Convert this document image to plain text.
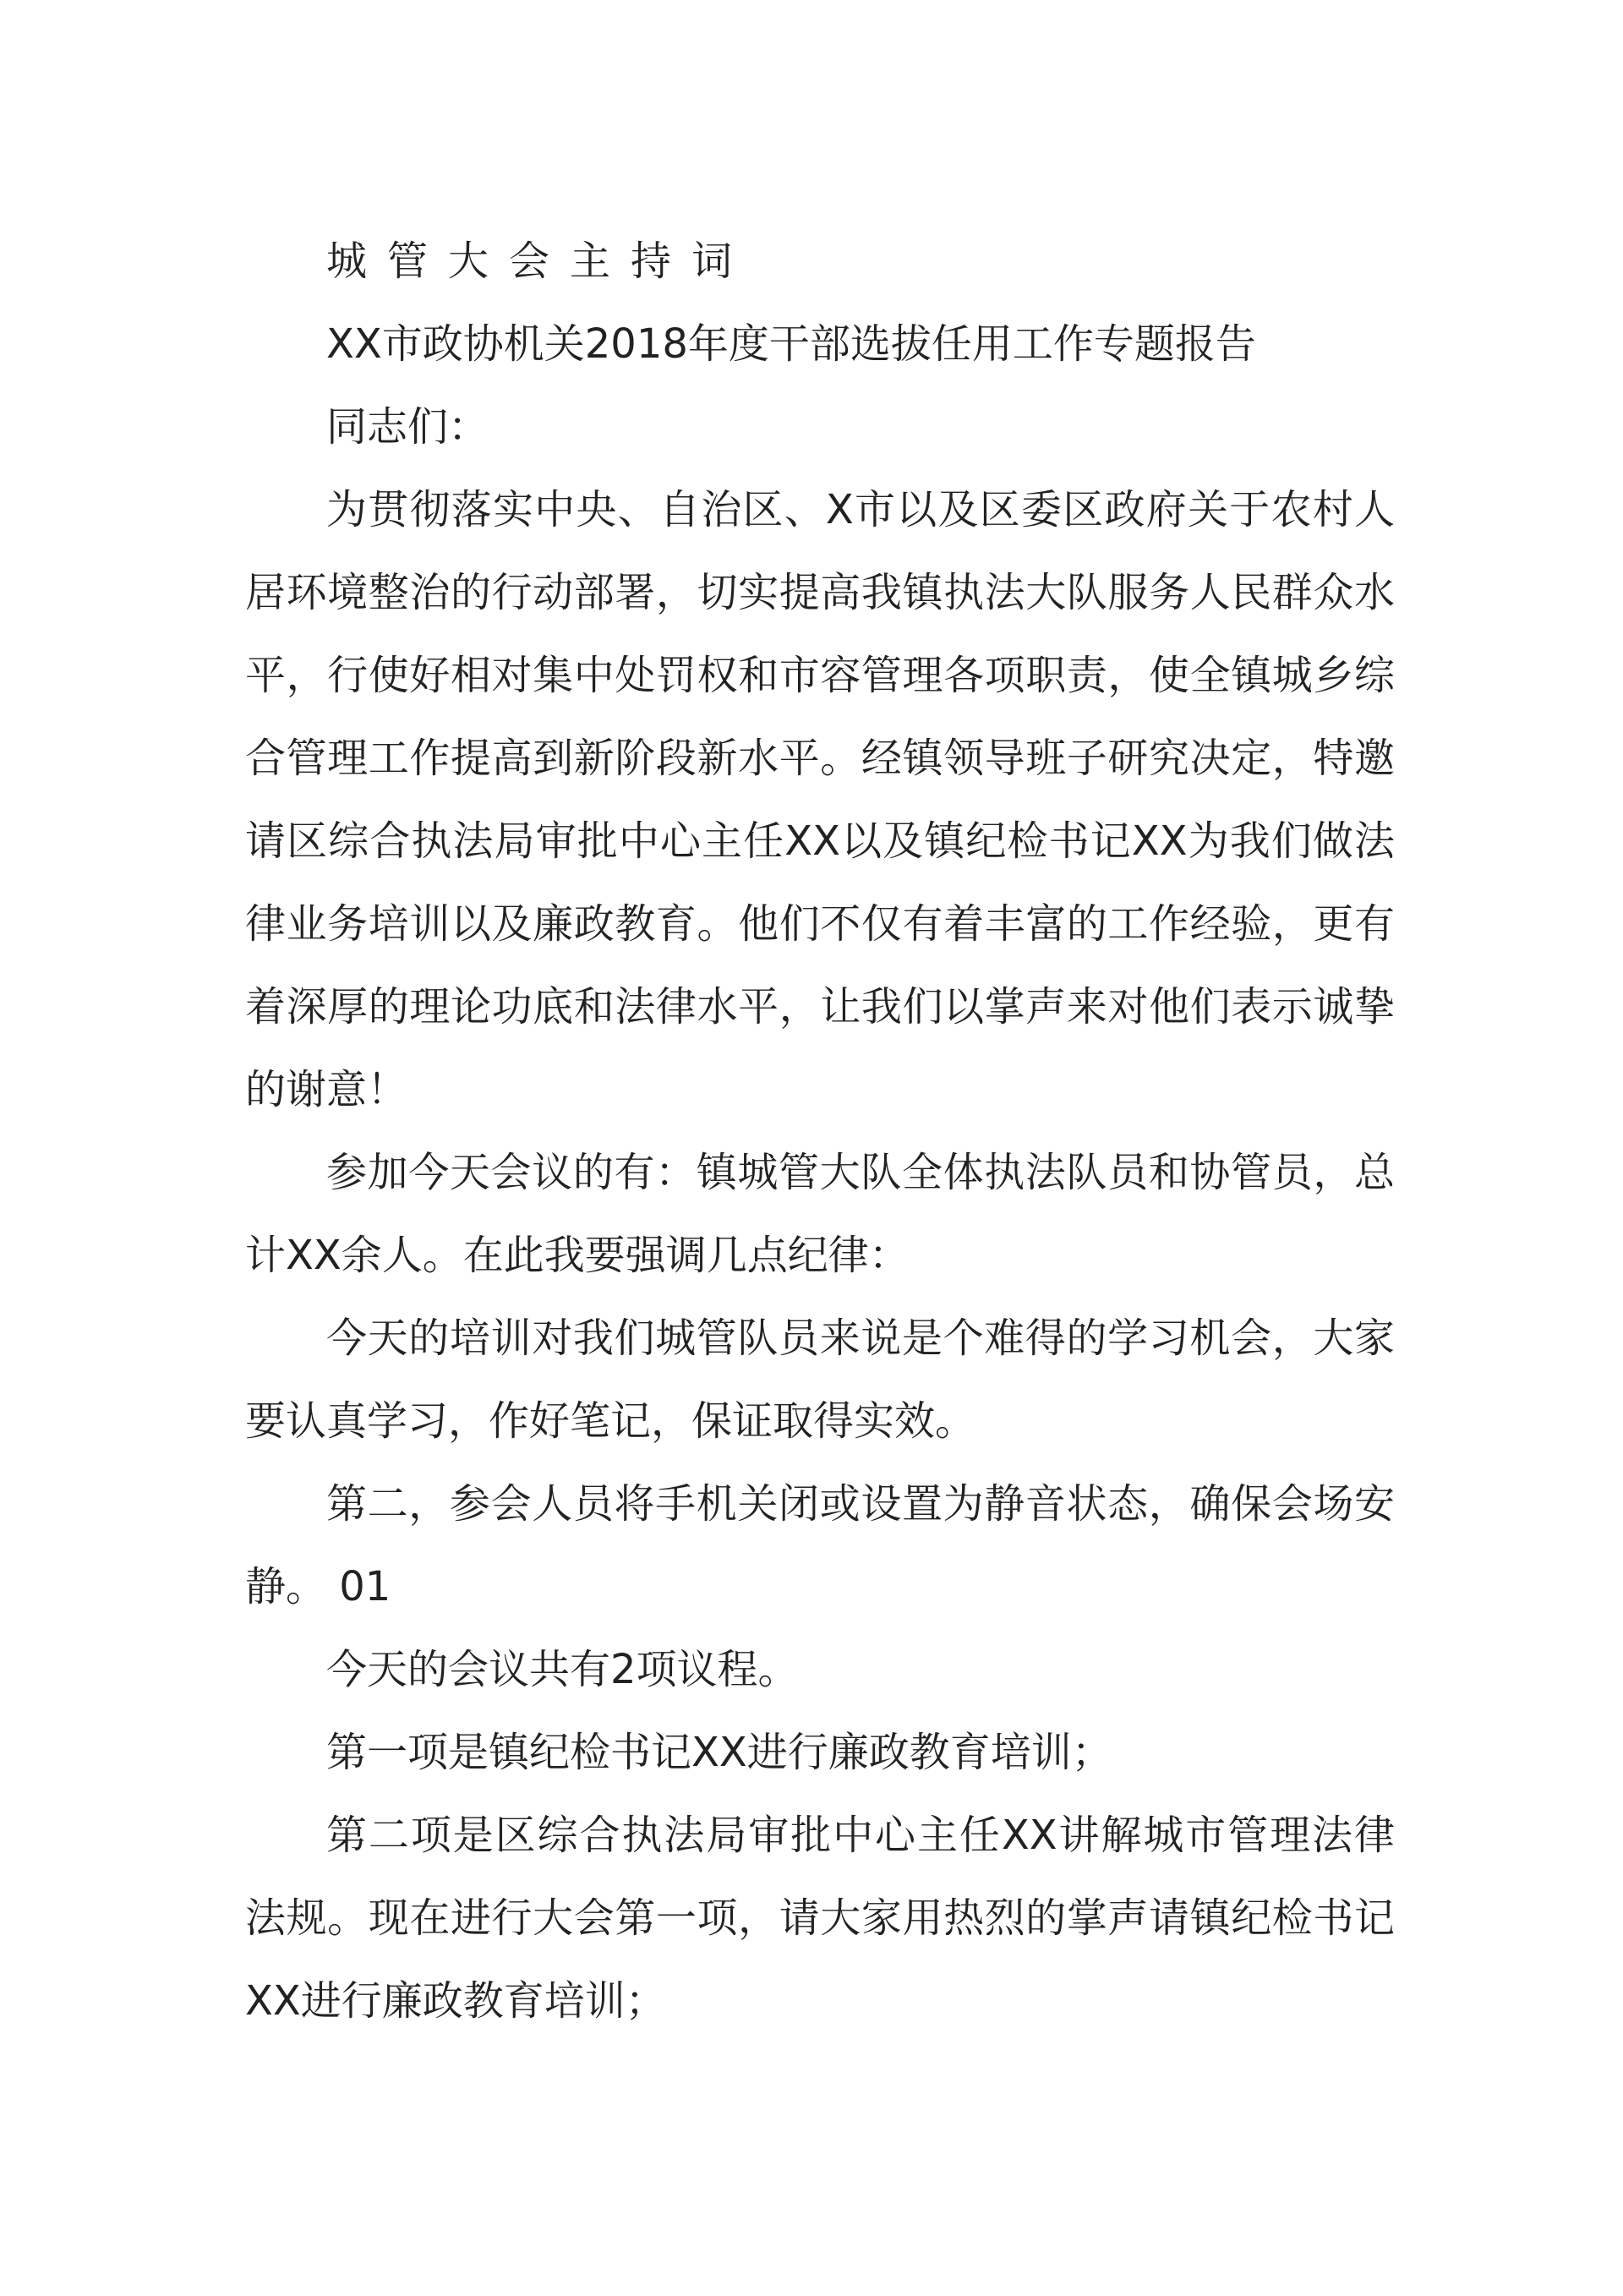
城管大会主持词

XX市政协机关2018年度干部选拔任用工作专题报告

同志们：

为贯彻落实中央、自治区、X市以及区委区政府关于农村人居环境整治的行动部署，切实提高我镇执法大队服务人民群众水平，行使好相对集中处罚权和市容管理各项职责，使全镇城乡综合管理工作提高到新阶段新水平。经镇领导班子研究决定，特邀请区综合执法局审批中心主任XX以及镇纪检书记XX为我们做法律业务培训以及廉政教育。他们不仅有着丰富的工作经验，更有着深厚的理论功底和法律水平，让我们以掌声来对他们表示诚挚的谢意！

参加今天会议的有：镇城管大队全体执法队员和协管员，总计XX余人。在此我要强调几点纪律：

今天的培训对我们城管队员来说是个难得的学习机会，大家要认真学习，作好笔记，保证取得实效。

第二，参会人员将手机关闭或设置为静音状态，确保会场安静。 01

今天的会议共有2项议程。

第一项是镇纪检书记XX进行廉政教育培训；

第二项是区综合执法局审批中心主任XX讲解城市管理法律法规。现在进行大会第一项，请大家用热烈的掌声请镇纪检书记XX进行廉政教育培训；
